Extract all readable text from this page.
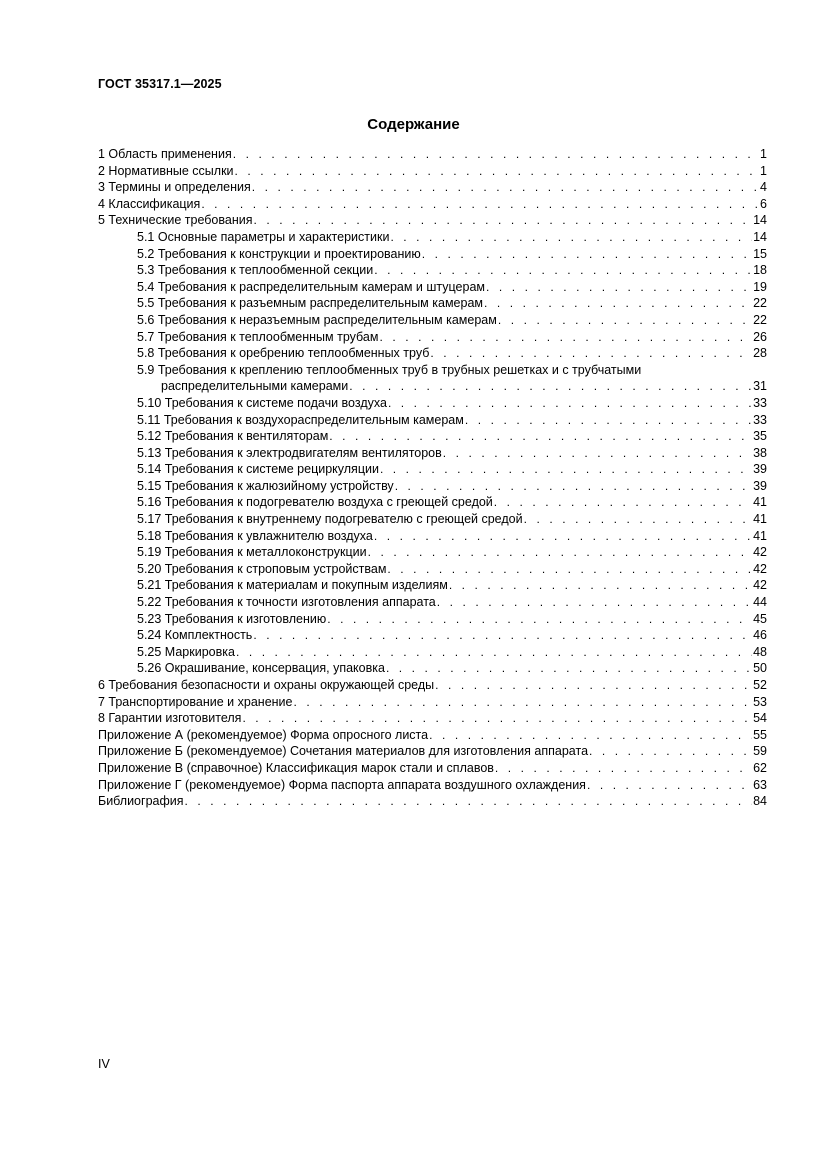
ГОСТ 35317.1—2025
Содержание
1 Область применения . . .	1
2 Нормативные ссылки . . .	1
3 Термины и определения . . .	4
4 Классификация . . .	6
5 Технические требования . . .	14
5.1 Основные параметры и характеристики . . .	14
5.2 Требования к конструкции и проектированию . . .	15
5.3 Требования к теплообменной секции . . .	18
5.4 Требования к распределительным камерам и штуцерам . . .	19
5.5 Требования к разъемным распределительным камерам . . .	22
5.6 Требования к неразъемным распределительным камерам . . .	22
5.7 Требования к теплообменным трубам . . .	26
5.8 Требования к оребрению теплообменных труб . . .	28
5.9 Требования к креплению теплообменных труб в трубных решетках и с трубчатыми
распределительными камерами . . .	31
5.10 Требования к системе подачи воздуха . . .	33
5.11 Требования к воздухораспределительным камерам . . .	33
5.12 Требования к вентиляторам . . .	35
5.13 Требования к электродвигателям вентиляторов . . .	38
5.14 Требования к системе рециркуляции . . .	39
5.15 Требования к жалюзийному устройству . . .	39
5.16 Требования к подогревателю воздуха с греющей средой . . .	41
5.17 Требования к внутреннему подогревателю с греющей средой . . .	41
5.18 Требования к увлажнителю воздуха . . .	41
5.19 Требования к металлоконструкции . . .	42
5.20 Требования к строповым устройствам . . .	42
5.21 Требования к материалам и покупным изделиям . . .	42
5.22 Требования к точности изготовления аппарата . . .	44
5.23 Требования к изготовлению . . .	45
5.24 Комплектность . . .	46
5.25 Маркировка . . .	48
5.26 Окрашивание, консервация, упаковка . . .	50
6 Требования безопасности и охраны окружающей среды . . .	52
7 Транспортирование и хранение . . .	53
8 Гарантии изготовителя . . .	54
Приложение А (рекомендуемое) Форма опросного листа . . .	55
Приложение Б (рекомендуемое) Сочетания материалов для изготовления аппарата . . .	59
Приложение В (справочное) Классификация марок стали и сплавов . . .	62
Приложение Г (рекомендуемое) Форма паспорта аппарата воздушного охлаждения . . .	63
Библиография . . .	84
IV
